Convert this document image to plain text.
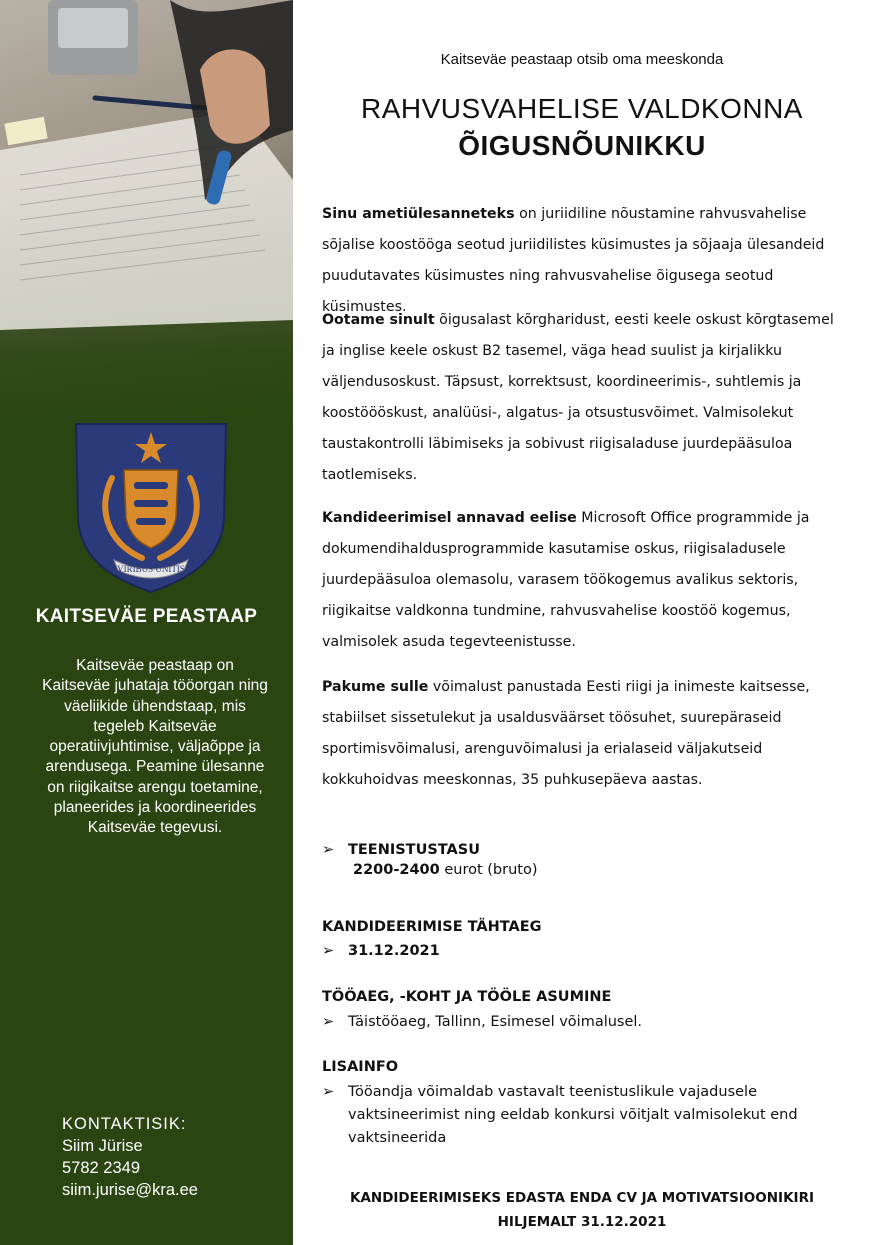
VIRIBUS UNITIS
KAITSEVÄE PEASTAAP
Kaitseväe peastaap on Kaitseväe juhataja tööorgan ning väeliikide ühendstaap, mis tegeleb Kaitseväe operatiivjuhtimise, väljaõppe ja arendusega. Peamine ülesanne on riigikaitse arengu toetamine, planeerides ja koordineerides Kaitseväe tegevusi.
KONTAKTISIK:
Siim Jürise
5782 2349
siim.jurise@kra.ee
Kaitseväe peastaap otsib oma meeskonda
RAHVUSVAHELISE VALDKONNA
ÕIGUSNÕUNIKKU
Sinu ametiülesanneteks on juriidiline nõustamine rahvusvahelise sõjalise koostööga seotud juriidilistes küsimustes ja sõjaaja ülesandeid puudutavates küsimustes ning rahvusvahelise õigusega seotud küsimustes.
Ootame sinult õigusalast kõrgharidust, eesti keele oskust kõrgtasemel ja inglise keele oskust B2 tasemel, väga head suulist ja kirjalikku väljendusoskust. Täpsust, korrektsust, koordineerimis-, suhtlemis ja koostöööskust, analüüsi-, algatus- ja otsustusvõimet. Valmisolekut taustakontrolli läbimiseks ja sobivust riigisaladuse juurdepääsuloa taotlemiseks.
Kandideerimisel annavad eelise Microsoft Office programmide ja dokumendihaldusprogrammide kasutamise oskus, riigisaladusele juurdepääsuloa olemasolu, varasem töökogemus avalikus sektoris, riigikaitse valdkonna tundmine, rahvusvahelise koostöö kogemus, valmisolek asuda tegevteenistusse.
Pakume sulle võimalust panustada Eesti riigi ja inimeste kaitsesse, stabiilset sissetulekut ja usaldusväärset töösuhet, suurepäraseid sportimisvõimalusi, arenguvõimalusi ja erialaseid väljakutseid kokkuhoidvas meeskonnas, 35 puhkusepäeva aastas.
➢ TEENISTUSTASU
2200-2400 eurot (bruto)
KANDIDEERIMISE TÄHTAEG
➢ 31.12.2021
TÖÖAEG, -KOHT JA TÖÖLE ASUMINE
➢ Täistööaeg, Tallinn, Esimesel võimalusel.
LISAINFO
➢ Tööandja võimaldab vastavalt teenistuslikule vajadusele vaktsineerimist ning eeldab konkursi võitjalt valmisolekut end vaktsineerida
KANDIDEERIMISEKS EDASTA ENDA CV JA MOTIVATSIOONIKIRI
HILJEMALT 31.12.2021
